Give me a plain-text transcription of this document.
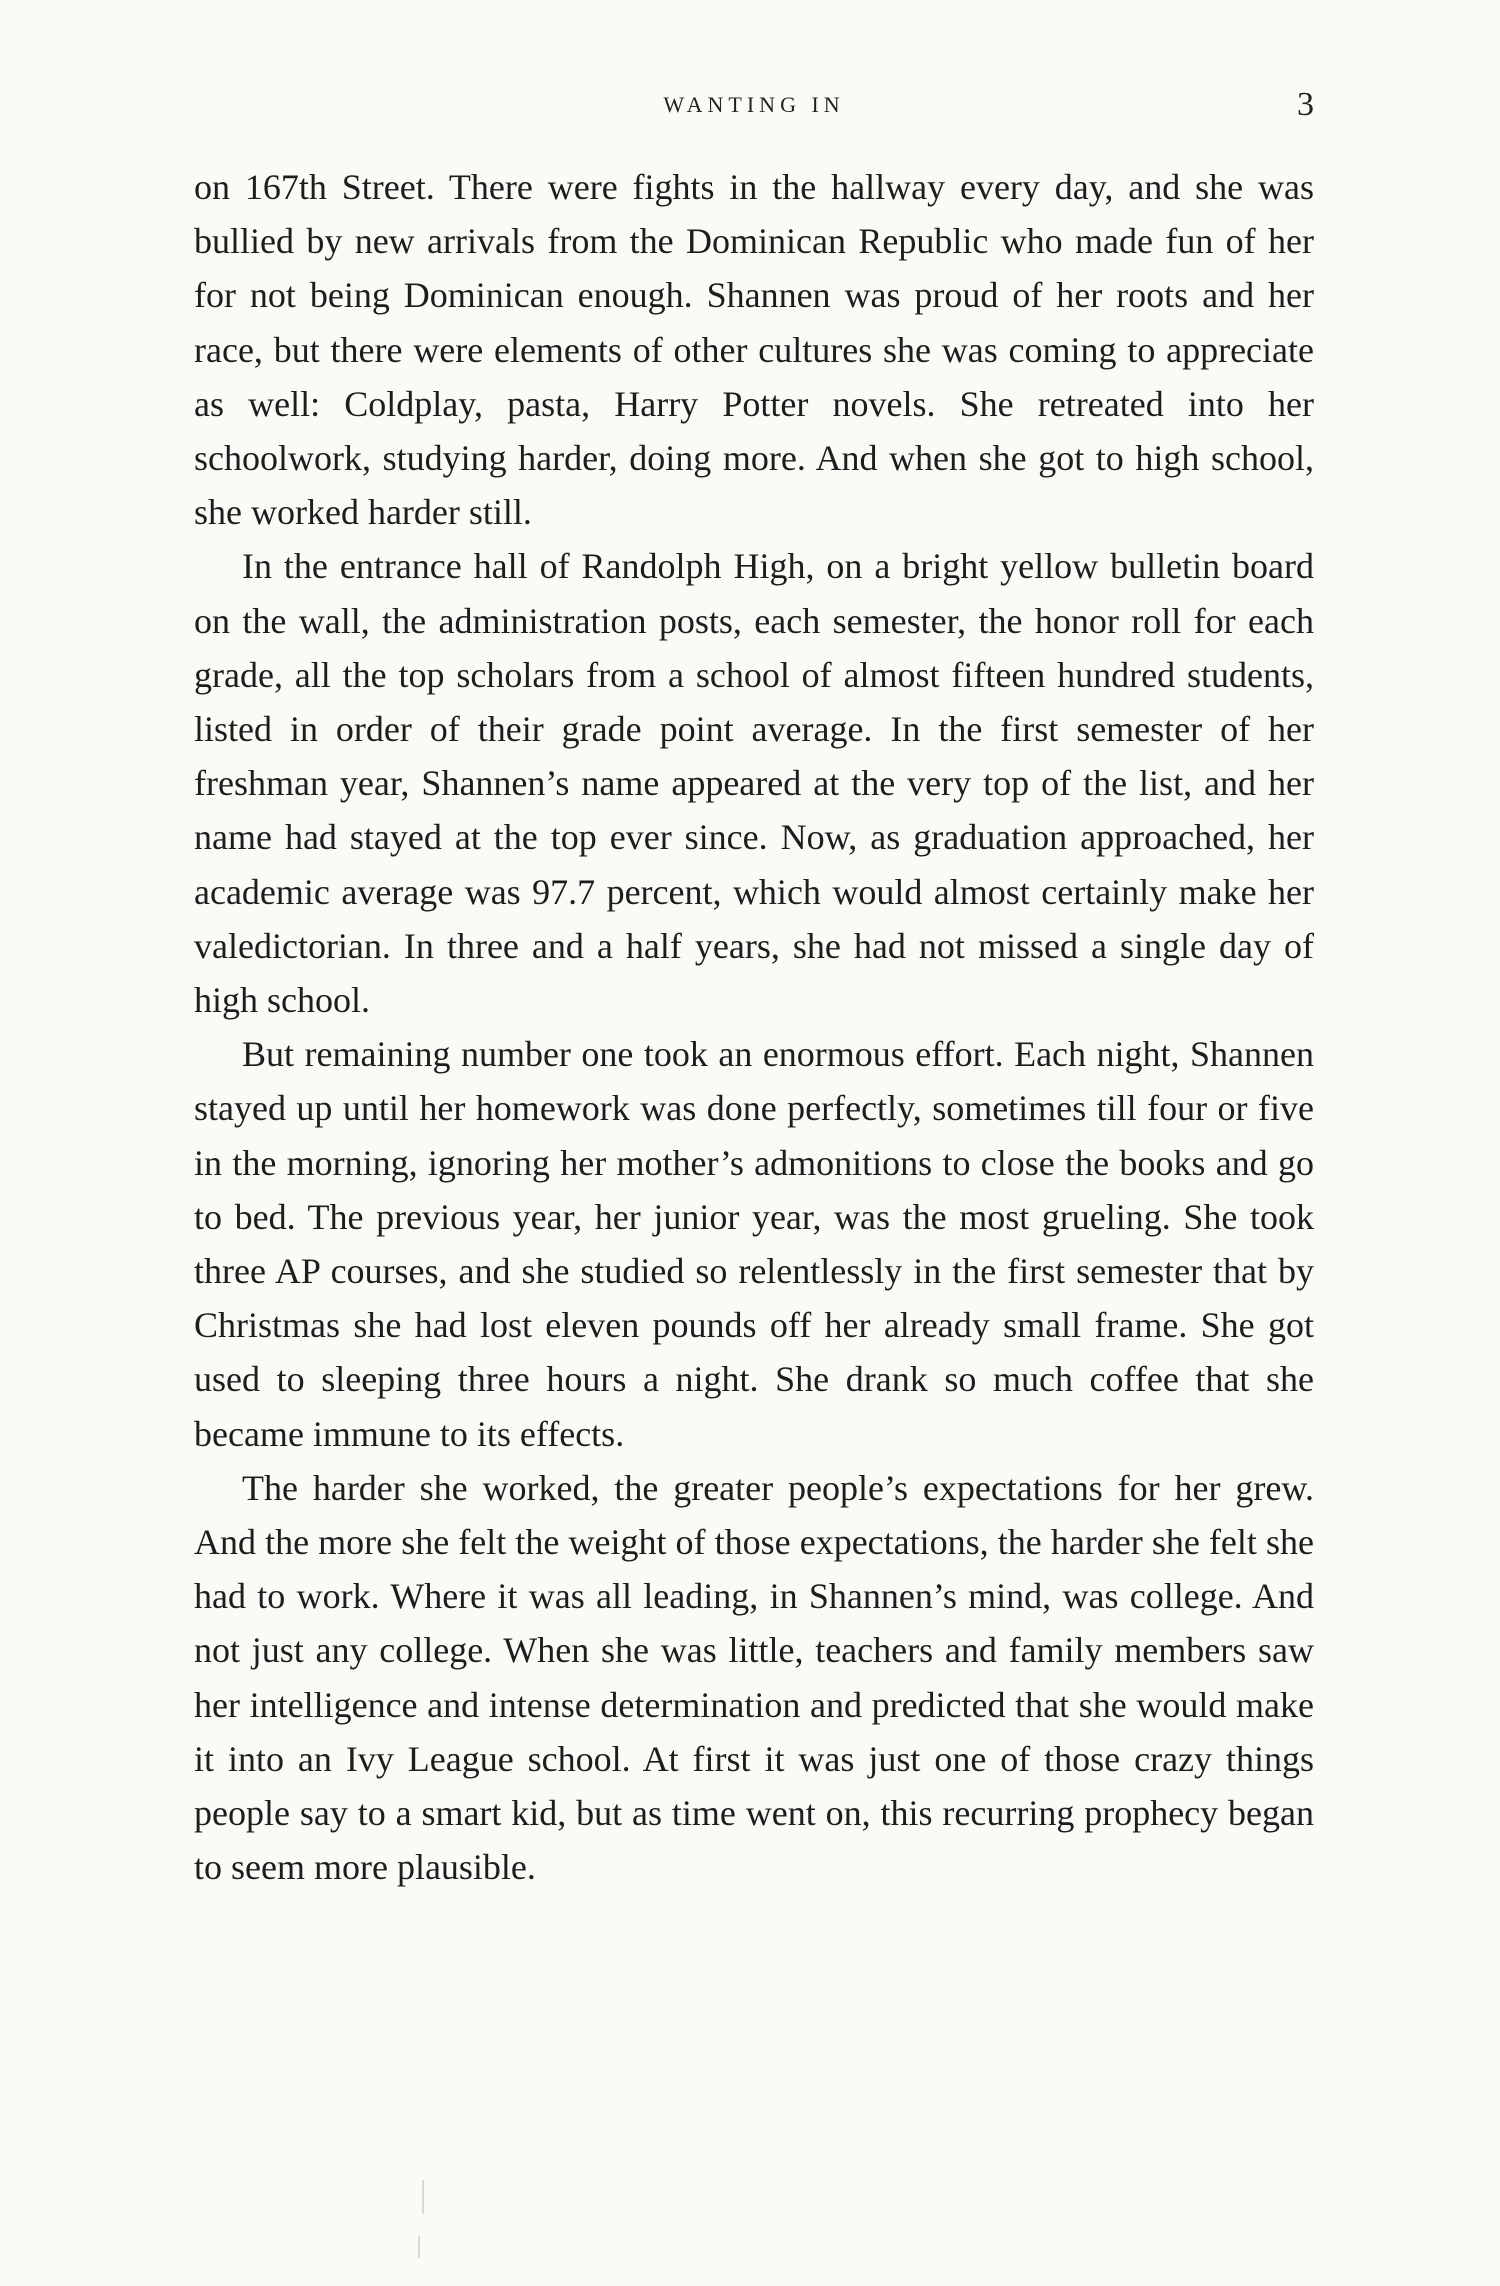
WANTING IN	3

on 167th Street. There were fights in the hallway every day, and she was bullied by new arrivals from the Dominican Republic who made fun of her for not being Dominican enough. Shannen was proud of her roots and her race, but there were elements of other cultures she was coming to appreciate as well: Coldplay, pasta, Harry Potter novels. She retreated into her schoolwork, studying harder, doing more. And when she got to high school, she worked harder still.

In the entrance hall of Randolph High, on a bright yellow bulletin board on the wall, the administration posts, each semester, the honor roll for each grade, all the top scholars from a school of almost fifteen hundred students, listed in order of their grade point average. In the first semester of her freshman year, Shannen’s name appeared at the very top of the list, and her name had stayed at the top ever since. Now, as graduation approached, her academic average was 97.7 percent, which would almost certainly make her valedictorian. In three and a half years, she had not missed a single day of high school.

But remaining number one took an enormous effort. Each night, Shannen stayed up until her homework was done perfectly, sometimes till four or five in the morning, ignoring her mother’s admonitions to close the books and go to bed. The previous year, her junior year, was the most grueling. She took three AP courses, and she studied so relentlessly in the first semester that by Christmas she had lost eleven pounds off her already small frame. She got used to sleeping three hours a night. She drank so much coffee that she became immune to its effects.

The harder she worked, the greater people’s expectations for her grew. And the more she felt the weight of those expectations, the harder she felt she had to work. Where it was all leading, in Shannen’s mind, was college. And not just any college. When she was little, teachers and family members saw her intelligence and intense determination and predicted that she would make it into an Ivy League school. At first it was just one of those crazy things people say to a smart kid, but as time went on, this recurring prophecy began to seem more plausible.
